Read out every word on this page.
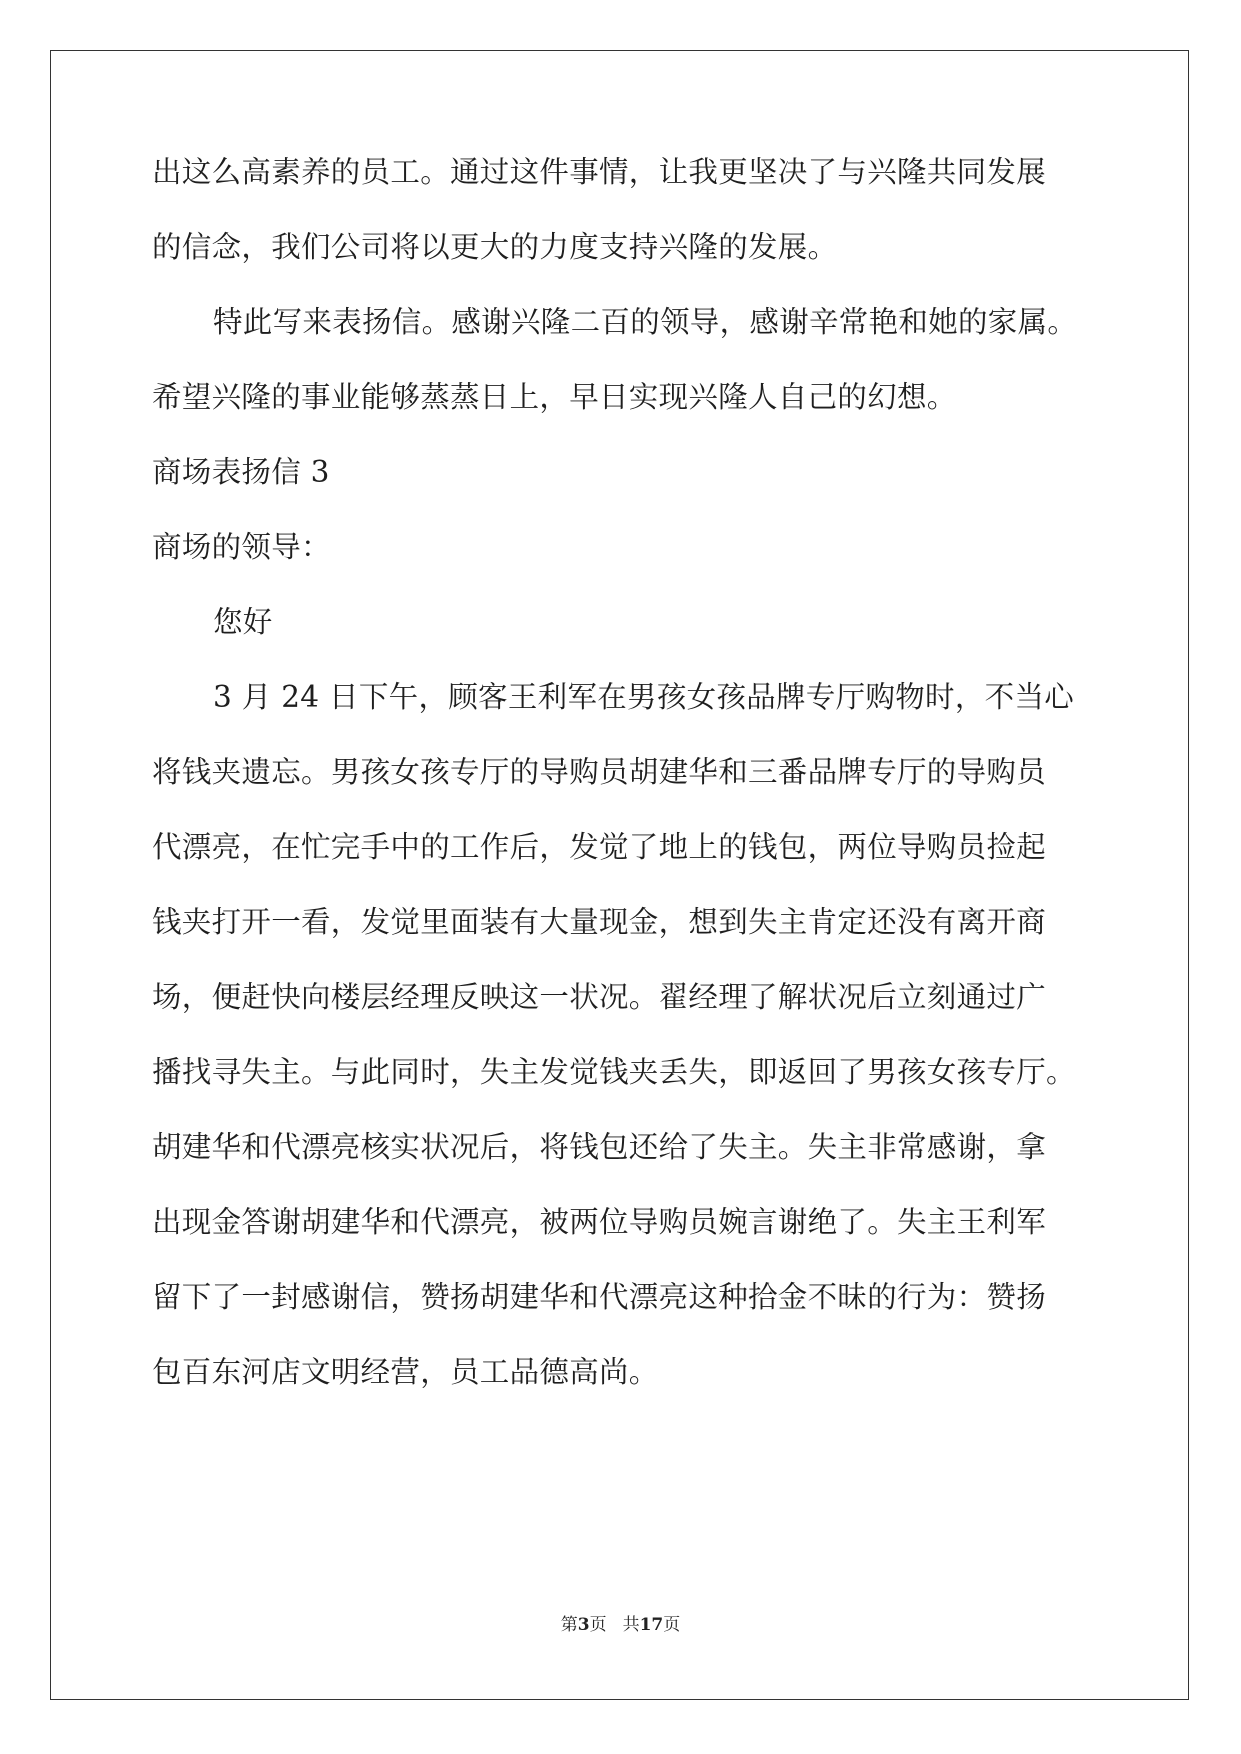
出这么高素养的员工。通过这件事情，让我更坚决了与兴隆共同发展
的信念，我们公司将以更大的力度支持兴隆的发展。
特此写来表扬信。感谢兴隆二百的领导，感谢辛常艳和她的家属。
希望兴隆的事业能够蒸蒸日上，早日实现兴隆人自己的幻想。
商场表扬信 3
商场的领导：
您好
3 月 24 日下午，顾客王利军在男孩女孩品牌专厅购物时，不当心
将钱夹遗忘。男孩女孩专厅的导购员胡建华和三番品牌专厅的导购员
代漂亮，在忙完手中的工作后，发觉了地上的钱包，两位导购员捡起
钱夹打开一看，发觉里面装有大量现金，想到失主肯定还没有离开商
场，便赶快向楼层经理反映这一状况。翟经理了解状况后立刻通过广
播找寻失主。与此同时，失主发觉钱夹丢失，即返回了男孩女孩专厅。
胡建华和代漂亮核实状况后，将钱包还给了失主。失主非常感谢，拿
出现金答谢胡建华和代漂亮，被两位导购员婉言谢绝了。失主王利军
留下了一封感谢信，赞扬胡建华和代漂亮这种拾金不昧的行为：赞扬
包百东河店文明经营，员工品德高尚。
第3页 共17页
